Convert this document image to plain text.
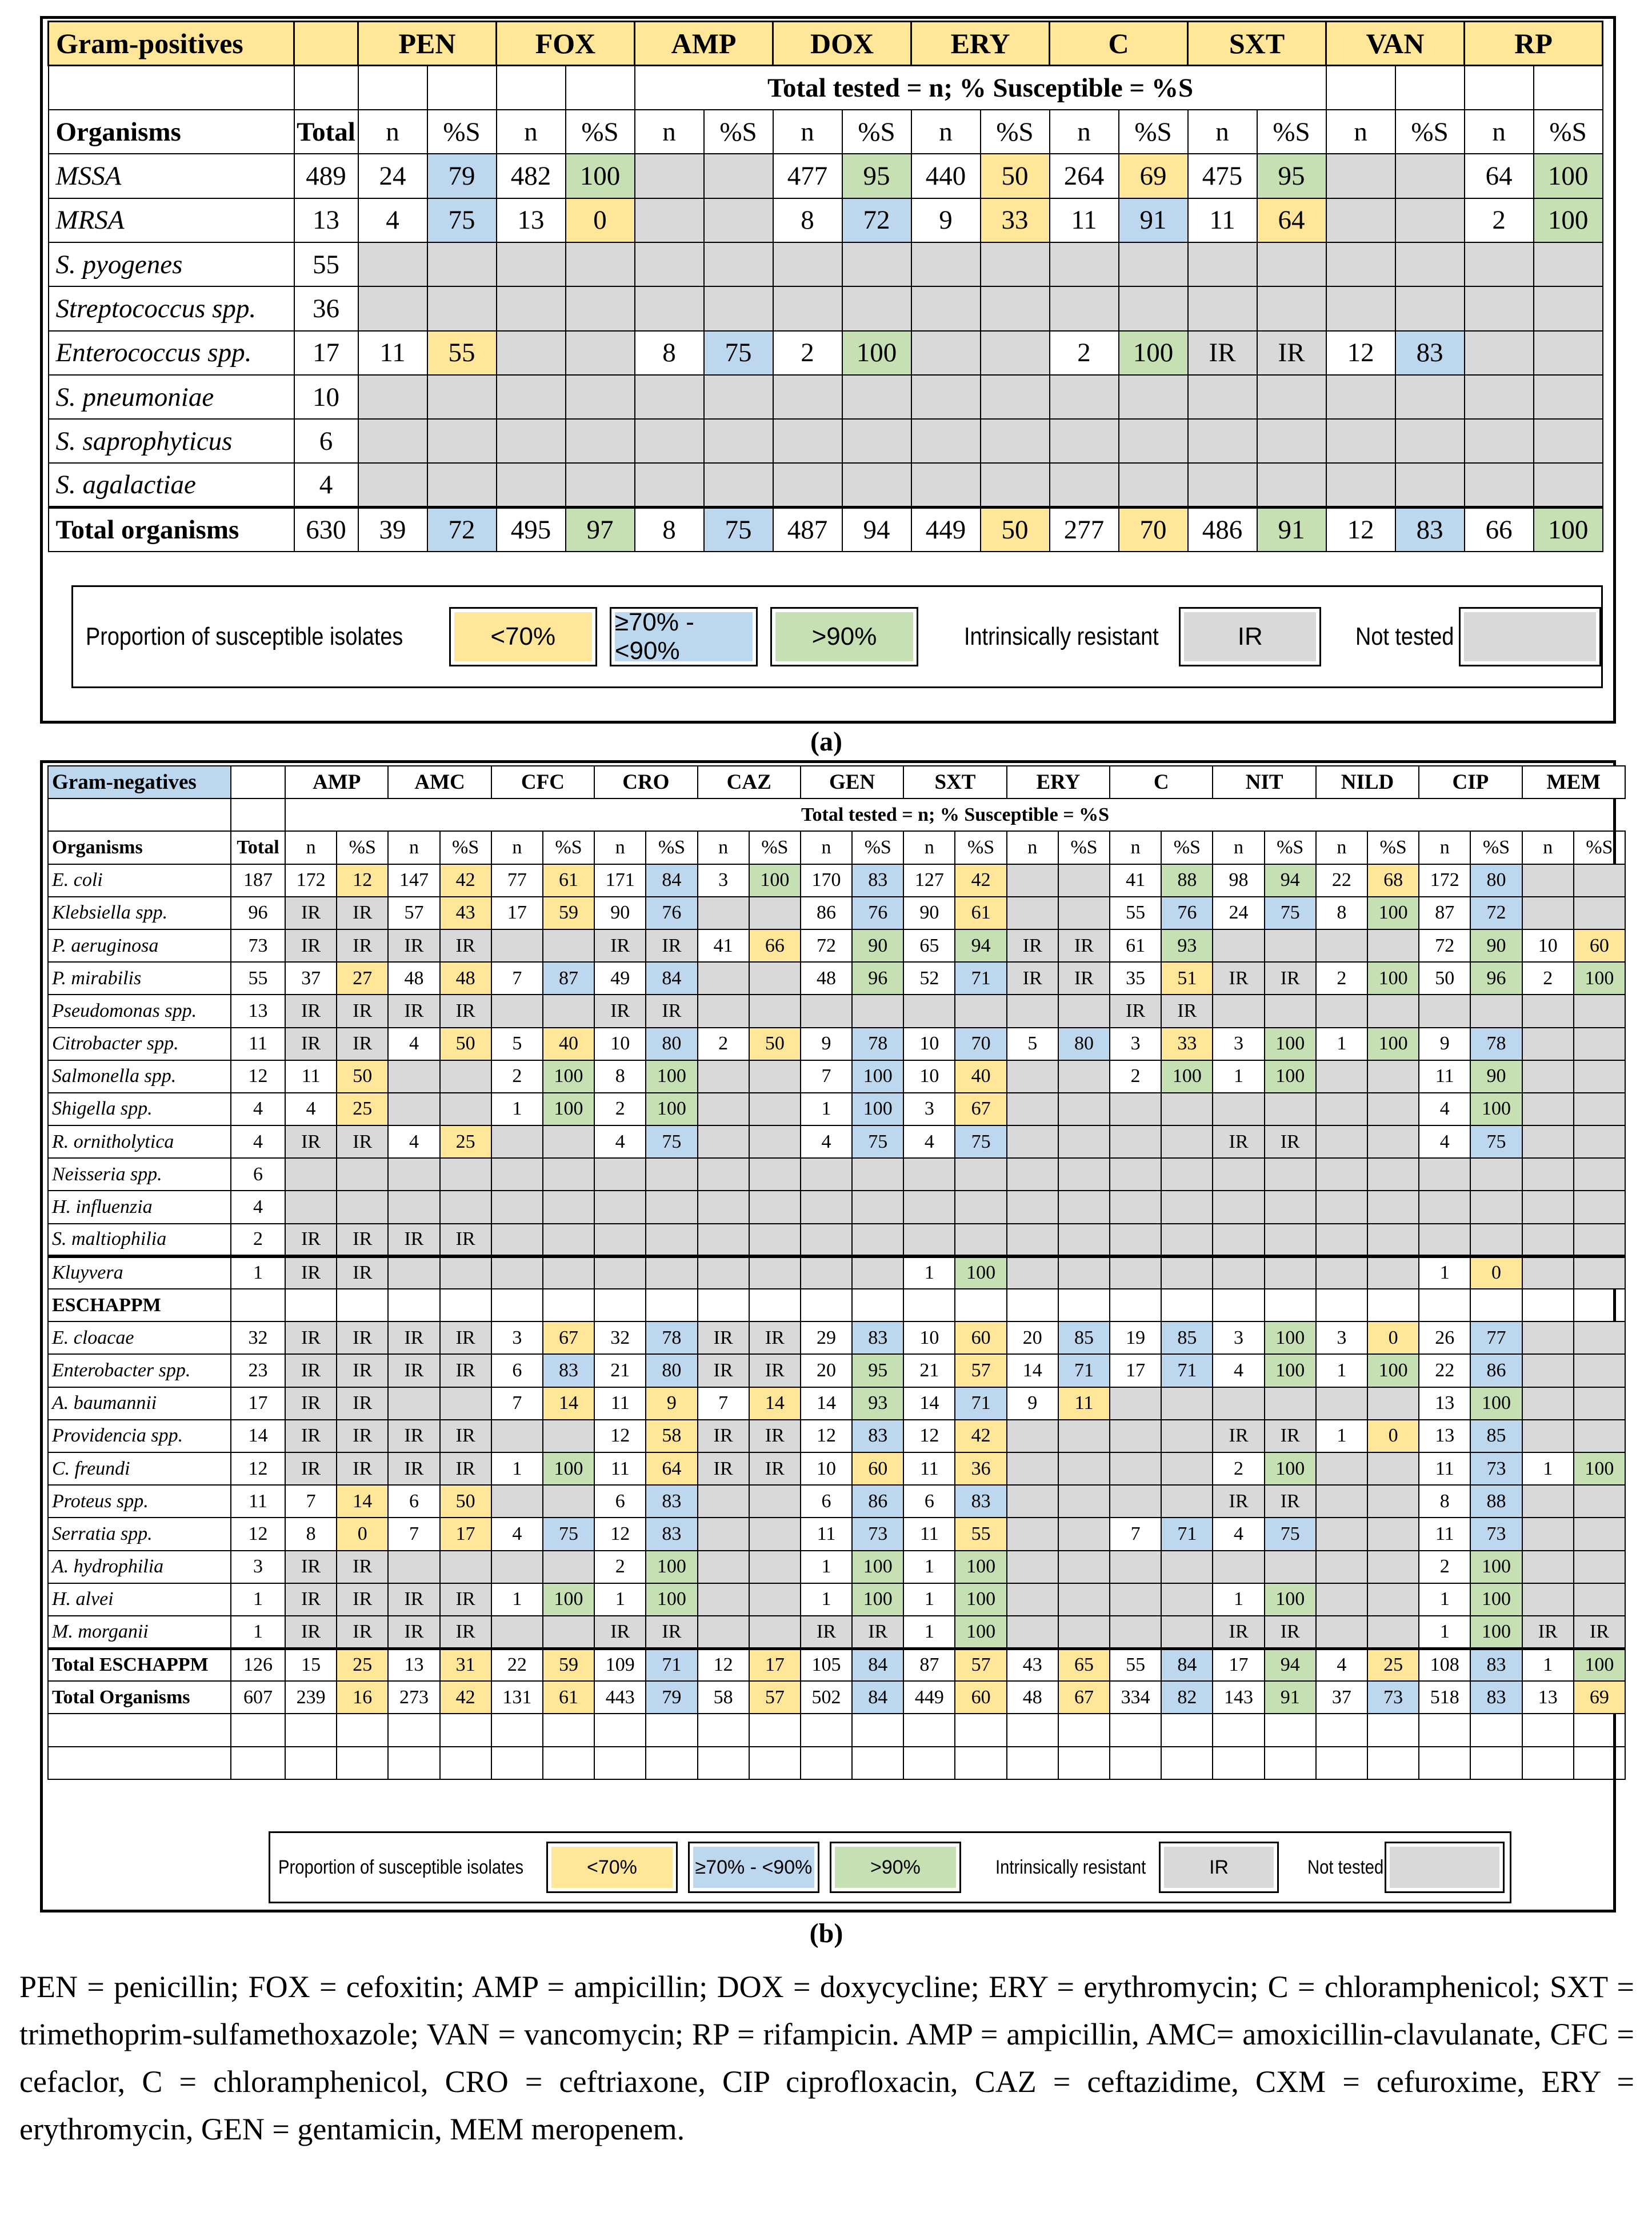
Gram-positives		PEN		FOX		AMP		DOX		ERY		C		SXT		VAN		RP	
						Total tested = n; % Susceptible = %S													
Organisms	Total	n	%S	n	%S	n	%S	n	%S	n	%S	n	%S	n	%S	n	%S	n	%S
MSSA	489	24	79	482	100			477	95	440	50	264	69	475	95			64	100
MRSA	13	4	75	13	0			8	72	9	33	11	91	11	64			2	100
S. pyogenes	55																		
Streptococcus spp.	36																		
Enterococcus spp.	17	11	55			8	75	2	100			2	100	IR	IR	12	83		
S. pneumoniae	10																		
S. saprophyticus	6																		
S. agalactiae	4																		
Total organisms	630	39	72	495	97	8	75	487	94	449	50	277	70	486	91	12	83	66	100
Proportion of susceptible isolates	<70%
≥70% - <90%
>90%	Intrinsically resistant	IR	Not tested
(a)
Gram-negatives		AMP		AMC		CFC		CRO		CAZ		GEN		SXT		ERY		C		NIT		NILD		CIP		MEM	
									Total tested = n; % Susceptible = %S																		
Organisms	Total	n	%S	n	%S	n	%S	n	%S	n	%S	n	%S	n	%S	n	%S	n	%S	n	%S	n	%S	n	%S	n	%S
E. coli	187	172	12	147	42	77	61	171	84	3	100	170	83	127	42			41	88	98	94	22	68	172	80		
Klebsiella spp.	96	IR	IR	57	43	17	59	90	76			86	76	90	61			55	76	24	75	8	100	87	72		
P. aeruginosa	73	IR	IR	IR	IR			IR	IR	41	66	72	90	65	94	IR	IR	61	93					72	90	10	60
P. mirabilis	55	37	27	48	48	7	87	49	84			48	96	52	71	IR	IR	35	51	IR	IR	2	100	50	96	2	100
Pseudomonas spp.	13	IR	IR	IR	IR			IR	IR									IR	IR								
Citrobacter spp.	11	IR	IR	4	50	5	40	10	80	2	50	9	78	10	70	5	80	3	33	3	100	1	100	9	78		
Salmonella spp.	12	11	50			2	100	8	100			7	100	10	40			2	100	1	100			11	90		
Shigella spp.	4	4	25			1	100	2	100			1	100	3	67									4	100		
R. ornitholytica	4	IR	IR	4	25			4	75			4	75	4	75					IR	IR			4	75		
Neisseria spp.	6																										
H. influenzia	4																										
S. maltiophilia	2	IR	IR	IR	IR																						
Kluyvera	1	IR	IR											1	100									1	0		
ESCHAPPM																											
E. cloacae	32	IR	IR	IR	IR	3	67	32	78	IR	IR	29	83	10	60	20	85	19	85	3	100	3	0	26	77		
Enterobacter spp.	23	IR	IR	IR	IR	6	83	21	80	IR	IR	20	95	21	57	14	71	17	71	4	100	1	100	22	86		
A. baumannii	17	IR	IR			7	14	11	9	7	14	14	93	14	71	9	11							13	100		
Providencia spp.	14	IR	IR	IR	IR			12	58	IR	IR	12	83	12	42					IR	IR	1	0	13	85		
C. freundi	12	IR	IR	IR	IR	1	100	11	64	IR	IR	10	60	11	36					2	100			11	73	1	100
Proteus spp.	11	7	14	6	50			6	83			6	86	6	83					IR	IR			8	88		
Serratia spp.	12	8	0	7	17	4	75	12	83			11	73	11	55			7	71	4	75			11	73		
A. hydrophilia	3	IR	IR					2	100			1	100	1	100									2	100		
H. alvei	1	IR	IR	IR	IR	1	100	1	100			1	100	1	100					1	100			1	100		
M. morganii	1	IR	IR	IR	IR			IR	IR			IR	IR	1	100					IR	IR			1	100	IR	IR
Total ESCHAPPM	126	15	25	13	31	22	59	109	71	12	17	105	84	87	57	43	65	55	84	17	94	4	25	108	83	1	100
Total Organisms	607	239	16	273	42	131	61	443	79	58	57	502	84	449	60	48	67	334	82	143	91	37	73	518	83	13	69

Proportion of susceptible isolates	<70%	≥70% - <90%	>90%	Intrinsically resistant	IR	Not tested
(b)
PEN = penicillin; FOX = cefoxitin; AMP = ampicillin; DOX = doxycycline; ERY = erythromycin; C = chloramphenicol; SXT = trimethoprim-sulfamethoxazole; VAN = vancomycin; RP = rifampicin. AMP = ampicillin, AMC= amoxicillin-clavulanate, CFC = cefaclor, C = chloramphenicol, CRO = ceftriaxone, CIP ciprofloxacin, CAZ = ceftazidime, CXM = cefuroxime, ERY = erythromycin, GEN = gentamicin, MEM meropenem.
